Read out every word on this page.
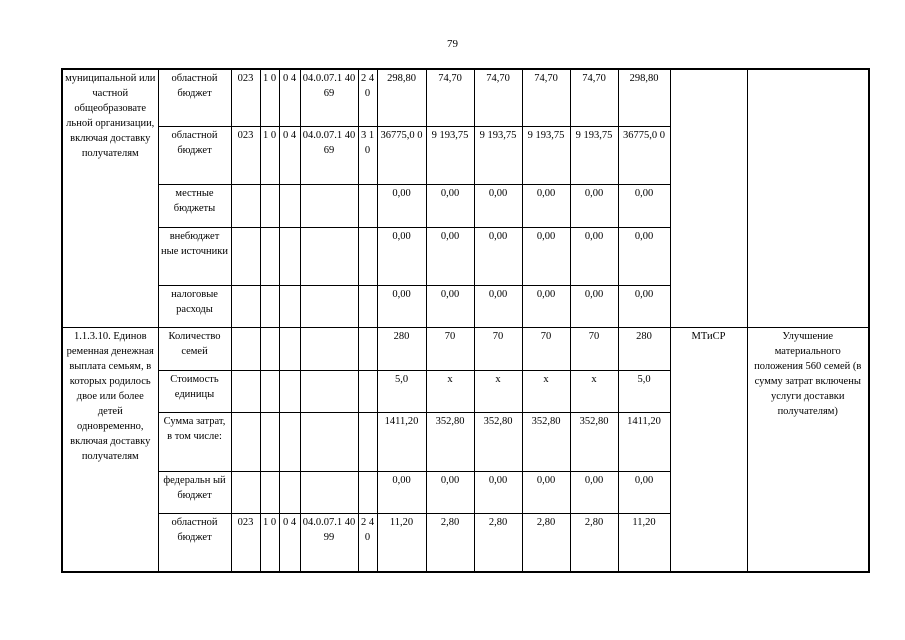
79
муниципальной или частной общеобразовате льной организации, включая доставку получателям	областной бюджет	023	1 0	0 4	04.0.07.1 4069	2 4 0	298,80	74,70	74,70	74,70	74,70	298,80		
	областной бюджет	023	1 0	0 4	04.0.07.1 4069	3 1 0	36775,0 0	9 193,75	9 193,75	9 193,75	9 193,75	36775,0 0		
	местные бюджеты						0,00	0,00	0,00	0,00	0,00	0,00		
	внебюджет ные источники						0,00	0,00	0,00	0,00	0,00	0,00		
	налоговые расходы						0,00	0,00	0,00	0,00	0,00	0,00		
1.1.3.10. Единов ременная денежная выплата семьям, в которых родилось двое или более детей одновременно, включая доставку получателям	Количество семей						280	70	70	70	70	280	МТиСР	Улучшение материального положения 560 семей (в сумму затрат включены услуги доставки получателям)
	Стоимость единицы						5,0	х	х	х	х	5,0		
	Сумма затрат, в том числе:						1411,20	352,80	352,80	352,80	352,80	1411,20		
	федеральн ый бюджет						0,00	0,00	0,00	0,00	0,00	0,00		
	областной бюджет	023	1 0	0 4	04.0.07.1 4099	2 4 0	11,20	2,80	2,80	2,80	2,80	11,20		
